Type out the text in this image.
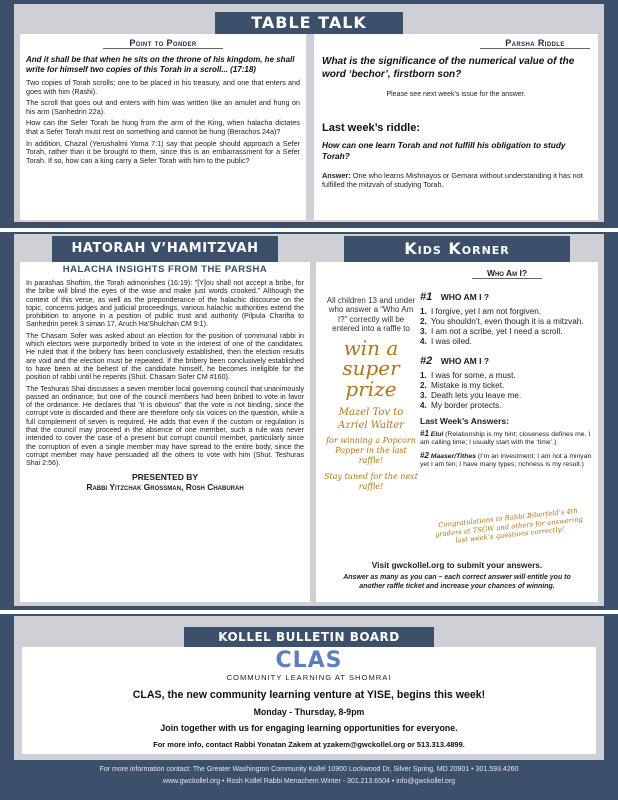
TABLE TALK
Point to Ponder
And it shall be that when he sits on the throne of his kingdom, he shall write for himself two copies of this Torah in a scroll... (17:18)

Two copies of Torah scrolls; one to be placed in his treasury, and one that enters and goes with him (Rashi).

The scroll that goes out and enters with him was written like an amulet and hung on his arm (Sanhedrin 22a).

How can the Sefer Torah be hung from the arm of the King, when halacha dictates that a Sefer Torah must rest on something and cannot be hung (Berachos 24a)?

In addition, Chazal (Yerushalmi Yoma 7:1) say that people should approach a Sefer Torah, rather than it be brought to them, since this is an embarrassment for a Sefer Torah. If so, how can a king carry a Sefer Torah with him to the public?

Parsha Riddle
What is the significance of the numerical value of the word ‘bechor’, firstborn son?
Please see next week's issue for the answer.
Last week’s riddle:
How can one learn Torah and not fulfill his obligation to study Torah?
Answer: One who learns Mishnayos or Gemara without understanding it has not fulfilled the mitzvah of studying Torah.
HATORAH V’HAMITZVAH
HALACHA INSIGHTS FROM THE PARSHA

In parashas Shoftim, the Torah admonishes (16:19): "[Y]ou shall not accept a bribe, for the bribe will blind the eyes of the wise and make just words crooked." Although the context of this verse, as well as the preponderance of the halachic discourse on the topic, concerns judges and judicial proceedings, various halachic authorities extend the prohibition to anyone in a position of public trust and authority (Pilpula Charifta to Sanhedrin perek 3 siman 17, Aruch Ha'Shulchan CM 9:1).

The Chasam Sofer was asked about an election for the position of communal rabbi in which electors were purportedly bribed to vote in the interest of one of the candidates. He ruled that if the bribery has been conclusively established, then the election results are void and the election must be repeated. If the bribery been conclusively established to have been at the behest of the candidate himself, he becomes ineligible for the position of rabbi until he repents (Shut. Chasam Sofer CM #160).

The Teshuras Shai discusses a seven member local governing council that unanimously passed an ordinance, but one of the council members had been bribed to vote in favor of the ordinance. He declares that "it is obvious" that the vote is not binding, since the corrupt vote is discarded and there are therefore only six voices on the question, while a full complement of seven is required. He adds that even if the custom or regulation is that the council may proceed in the absence of one member, such a rule was never intended to cover the case of a present but corrupt council member, particularly since the corruption of even a single member may have spread to the entire body, since the corrupt member may have persuaded all the others to vote with him (Shut. Teshuras Shai 2:56).

PRESENTED BY
Rabbi Yitzchak Grossman, Rosh Chaburah
Kids Korner
All children 13 and under who answer a “Who Am I?” correctly will be entered into a raffle to
win a
super
prize
Mazel Tov to Azriel Walter
for winning a Popcorn Popper in the last raffle!
Stay tuned for the next raffle!
Who Am I?
#1 WHO AM I ?
1. I forgive, yet I am not forgiven.
2. You shouldn’t, even though it is a mitzvah.
3. I am not a scribe, yet I need a scroll.
4. I was oiled.
#2 WHO AM I ?
1. I was for some, a must.
2. Mistake is my ticket.
3. Death lets you leave me.
4. My border protects.
Last Week’s Answers:
#1 Elul (Relationship is my hint; closeness defines me. I am calling time; I usually start with the ‘time’.)
#2 Maaser/Tithes (I’m an investment; I am not a minyan yet I am ten; I have many types; richness is my result.)
Congratulations to Rabbi Biberfeld’s 4th graders at TSGW and others for answering last week’s questions correctly!
Visit gwckollel.org to submit your answers.
Answer as many as you can – each correct answer will entitle you to another raffle ticket and increase your chances of winning.
KOLLEL BULLETIN BOARD
CLAS
COMMUNITY LEARNING AT SHOMRAI
CLAS, the new community learning venture at YISE, begins this week!
Monday - Thursday, 8-9pm
Join together with us for engaging learning opportunities for everyone.
For more info, contact Rabbi Yonatan Zakem at yzakem@gwckollel.org or 513.313.4899.
For more information contact: The Greater Washington Community Kollel 10900 Lockwood Dr, Silver Spring, MD 20901 • 301.593.4260
www.gwckollel.org • Rosh Kollel Rabbi Menachem Winter - 301.213.6504 • info@gwckollel.org
